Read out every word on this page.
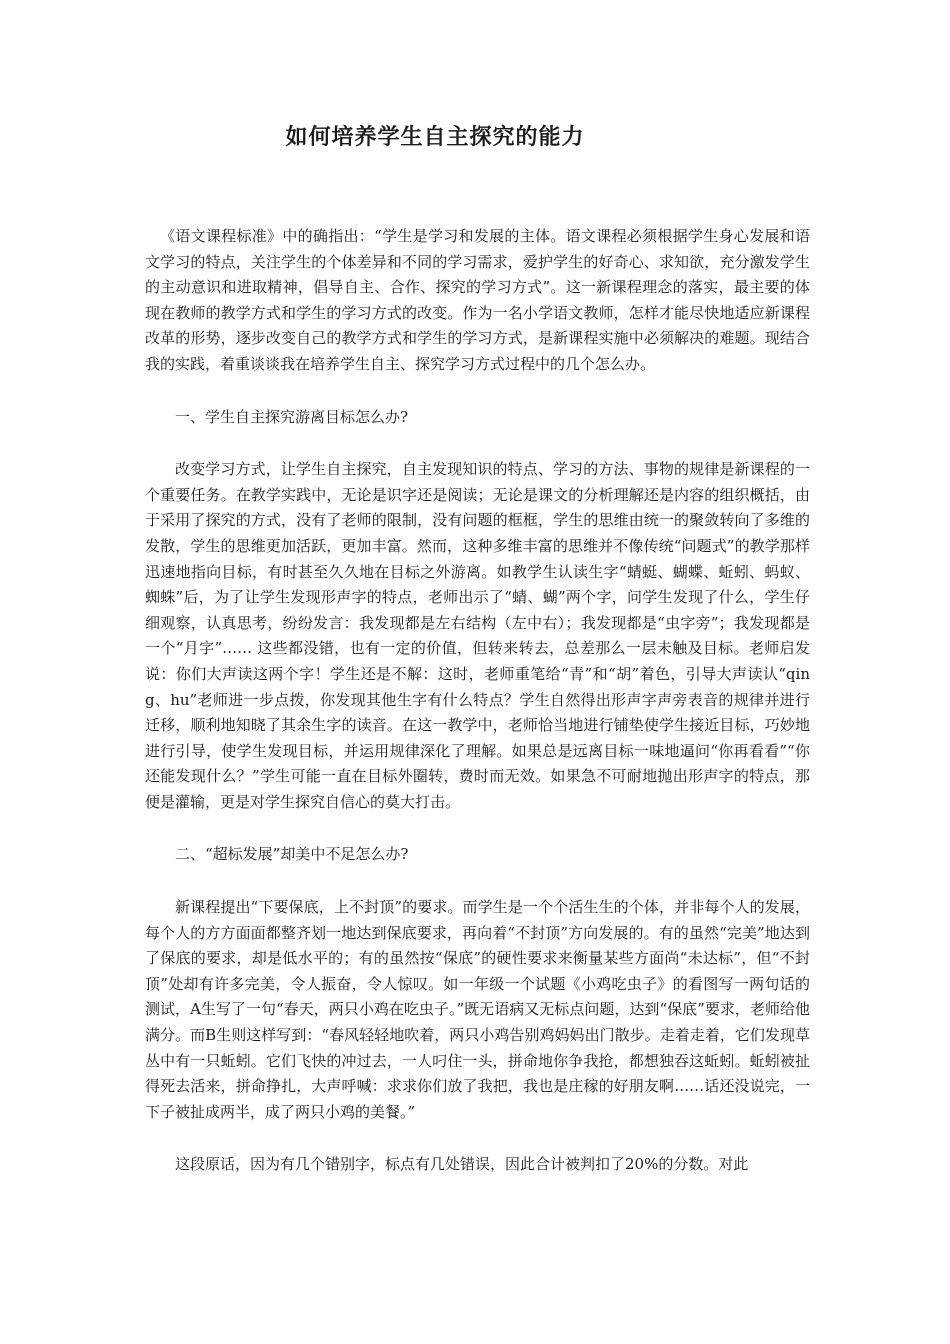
如何培养学生自主探究的能力

《语文课程标准》中的确指出：“学生是学习和发展的主体。语文课程必须根据学生身心发展和语文学习的特点，关注学生的个体差异和不同的学习需求，爱护学生的好奇心、求知欲，充分激发学生的主动意识和进取精神，倡导自主、合作、探究的学习方式”。这一新课程理念的落实，最主要的体现在教师的教学方式和学生的学习方式的改变。作为一名小学语文教师，怎样才能尽快地适应新课程改革的形势，逐步改变自己的教学方式和学生的学习方式，是新课程实施中必须解决的难题。现结合我的实践，着重谈谈我在培养学生自主、探究学习方式过程中的几个怎么办。

一、学生自主探究游离目标怎么办?

改变学习方式，让学生自主探究，自主发现知识的特点、学习的方法、事物的规律是新课程的一个重要任务。在教学实践中，无论是识字还是阅读；无论是课文的分析理解还是内容的组织概括，由于采用了探究的方式，没有了老师的限制，没有问题的框框，学生的思维由统一的聚敛转向了多维的发散，学生的思维更加活跃，更加丰富。然而，这种多维丰富的思维并不像传统“问题式”的教学那样迅速地指向目标，有时甚至久久地在目标之外游离。如教学生认读生字“蜻蜓、蝴蝶、蚯蚓、蚂蚁、蜘蛛”后，为了让学生发现形声字的特点，老师出示了“蜻、蝴”两个字，问学生发现了什么，学生仔细观察，认真思考，纷纷发言：我发现都是左右结构（左中右）；我发现都是“虫字旁”；我发现都是一个“月字”…… 这些都没错，也有一定的价值，但转来转去，总差那么一层未触及目标。老师启发说：你们大声读这两个字！学生还是不解：这时，老师重笔给“青”和“胡”着色，引导大声读认“qing、hu”老师进一步点拨，你发现其他生字有什么特点？学生自然得出形声字声旁表音的规律并进行迁移，顺利地知晓了其余生字的读音。在这一教学中，老师恰当地进行铺垫使学生接近目标，巧妙地进行引导，使学生发现目标，并运用规律深化了理解。如果总是远离目标一味地逼问“你再看看”“你还能发现什么？”学生可能一直在目标外圈转，费时而无效。如果急不可耐地抛出形声字的特点，那便是灌输，更是对学生探究自信心的莫大打击。

二、“超标发展”却美中不足怎么办?

新课程提出“下要保底，上不封顶”的要求。而学生是一个个活生生的个体，并非每个人的发展，每个人的方方面面都整齐划一地达到保底要求，再向着“不封顶”方向发展的。有的虽然“完美”地达到了保底的要求，却是低水平的；有的虽然按“保底”的硬性要求来衡量某些方面尚“未达标”，但“不封顶”处却有许多完美，令人振奋，令人惊叹。如一年级一个试题《小鸡吃虫子》的看图写一两句话的测试，A生写了一句“春天，两只小鸡在吃虫子。”既无语病又无标点问题，达到“保底”要求，老师给他满分。而B生则这样写到：“春风轻轻地吹着，两只小鸡告别鸡妈妈出门散步。走着走着，它们发现草丛中有一只蚯蚓。它们飞快的冲过去，一人叼住一头，拼命地你争我抢，都想独吞这蚯蚓。蚯蚓被扯得死去活来，拼命挣扎，大声呼喊：求求你们放了我把，我也是庄稼的好朋友啊……话还没说完，一下子被扯成两半，成了两只小鸡的美餐。”

这段原话，因为有几个错别字，标点有几处错误，因此合计被判扣了20%的分数。对此
